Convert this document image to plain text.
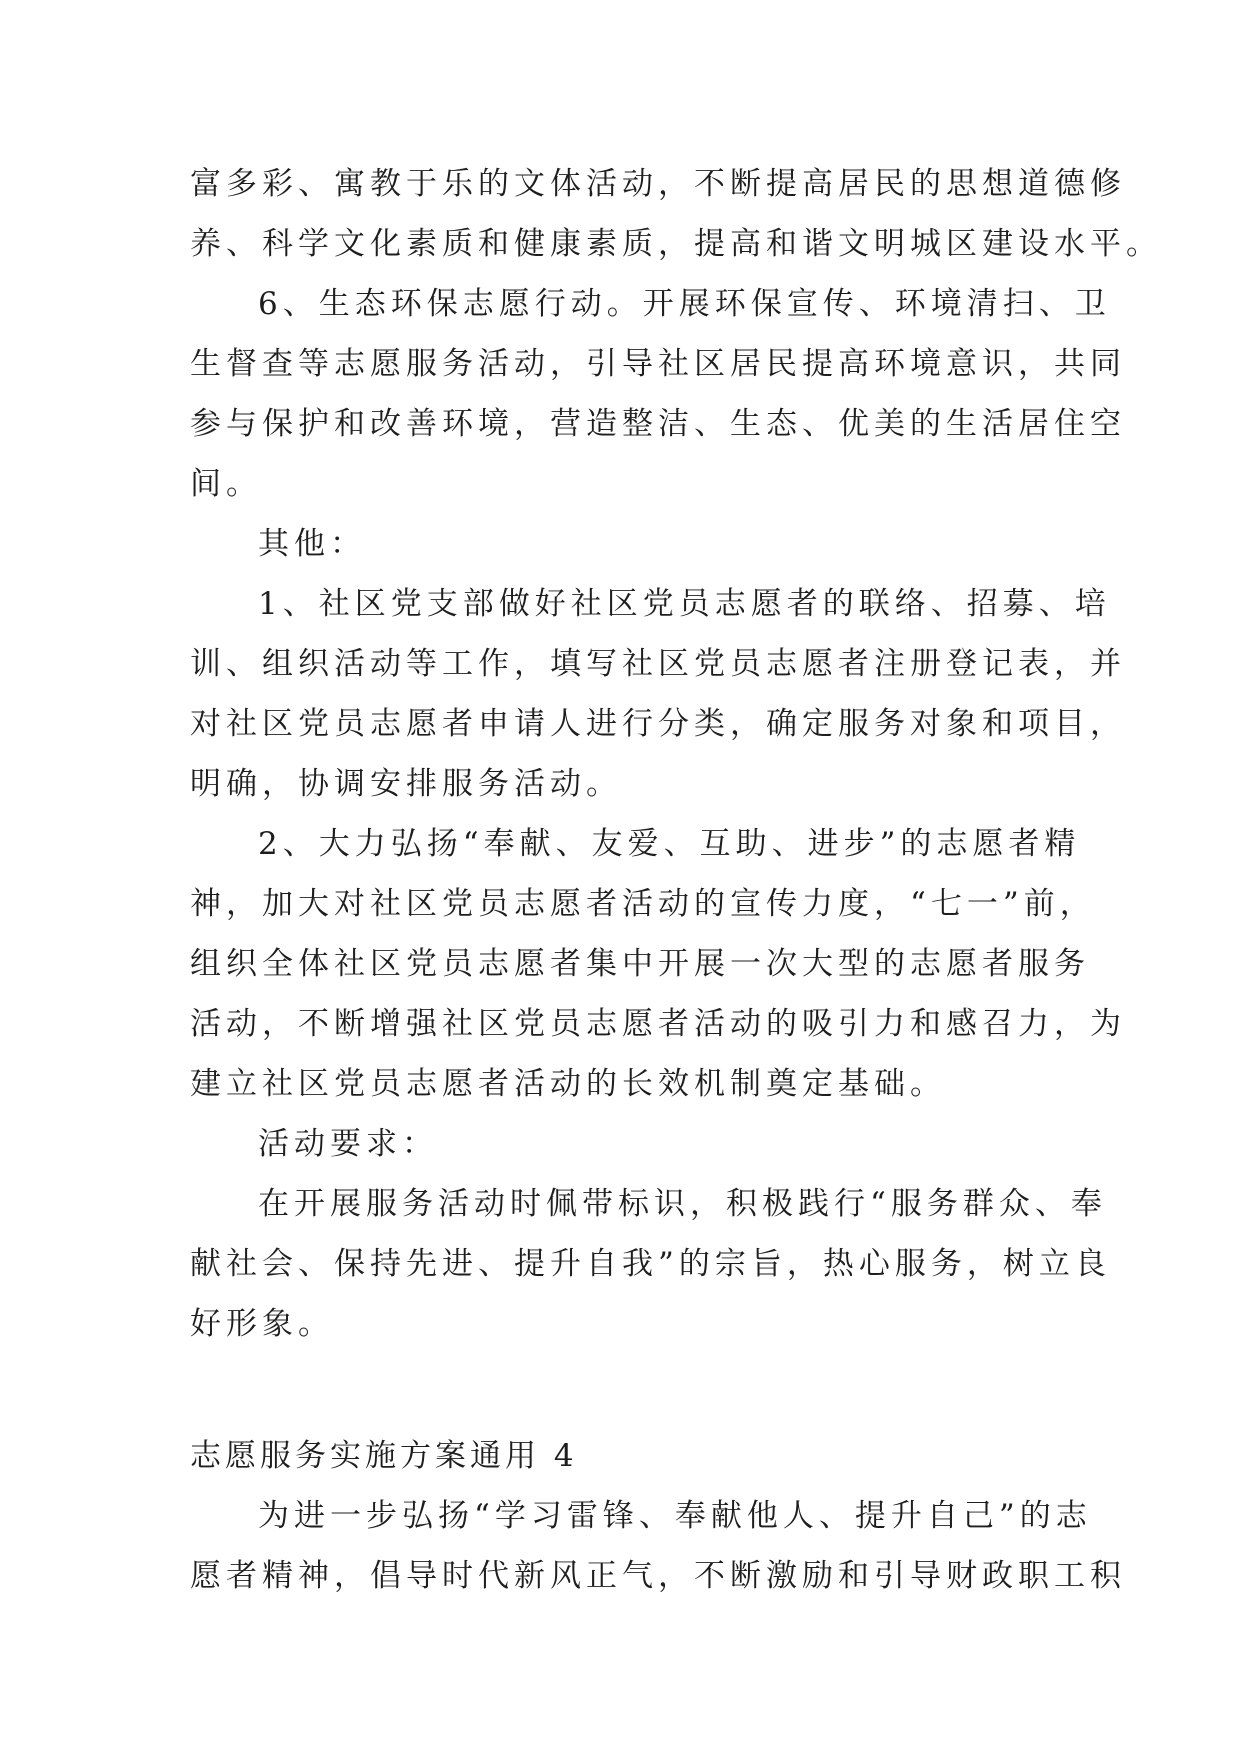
富多彩、寓教于乐的文体活动，不断提高居民的思想道德修
养、科学文化素质和健康素质，提高和谐文明城区建设水平。
6、生态环保志愿行动。开展环保宣传、环境清扫、卫
生督查等志愿服务活动，引导社区居民提高环境意识，共同
参与保护和改善环境，营造整洁、生态、优美的生活居住空
间。
其他：
1、社区党支部做好社区党员志愿者的联络、招募、培
训、组织活动等工作，填写社区党员志愿者注册登记表，并
对社区党员志愿者申请人进行分类，确定服务对象和项目，
明确，协调安排服务活动。
2、大力弘扬“奉献、友爱、互助、进步”的志愿者精
神，加大对社区党员志愿者活动的宣传力度，“七一”前，
组织全体社区党员志愿者集中开展一次大型的志愿者服务
活动，不断增强社区党员志愿者活动的吸引力和感召力，为
建立社区党员志愿者活动的长效机制奠定基础。
活动要求：
在开展服务活动时佩带标识，积极践行“服务群众、奉
献社会、保持先进、提升自我”的宗旨，热心服务，树立良
好形象。
志愿服务实施方案通用 4
为进一步弘扬“学习雷锋、奉献他人、提升自己”的志
愿者精神，倡导时代新风正气，不断激励和引导财政职工积
